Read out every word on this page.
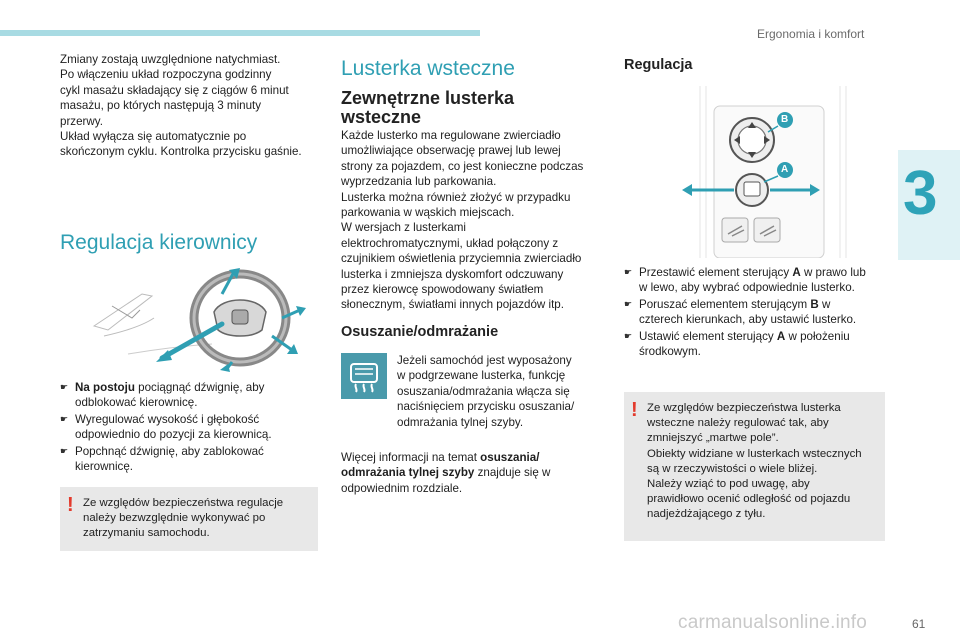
Ergonomia i komfort
3

Zmiany zostają uwzględnione natychmiast.

Po włączeniu układ rozpoczyna godzinny

cykl masażu składający się z ciągów 6 minut

masażu, po których następują 3 minuty

przerwy.

Układ wyłącza się automatycznie po

skończonym cyklu. Kontrolka przycisku gaśnie.

Regulacja kierownicy
☛ Na postoju pociągnąć dźwignię, aby
odblokować kierownicę.
☛ Wyregulować wysokość i głębokość
odpowiednio do pozycji za kierownicą.
☛ Popchnąć dźwignię, aby zablokować
kierownicę.
! Ze względów bezpieczeństwa regulacje
należy bezwzględnie wykonywać po
zatrzymaniu samochodu.
Lusterka wsteczne
Zewnętrzne lusterka
wsteczne

Każde lusterko ma regulowane zwierciadło

umożliwiające obserwację prawej lub lewej

strony za pojazdem, co jest konieczne podczas

wyprzedzania lub parkowania.

Lusterka można również złożyć w przypadku

parkowania w wąskich miejscach.

W wersjach z lusterkami

elektrochromatycznymi, układ połączony z

czujnikiem oświetlenia przyciemnia zwierciadło

lusterka i zmniejsza dyskomfort odczuwany

przez kierowcę spowodowany światłem

słonecznym, światłami innych pojazdów itp.

Osuszanie/odmrażanie

Jeżeli samochód jest wyposażony

w podgrzewane lusterka, funkcję

osuszania/odmrażania włącza się

naciśnięciem przycisku osuszania/

odmrażania tylnej szyby.

Więcej informacji na temat osuszania/

odmrażania tylnej szyby znajduje się w

odpowiednim rozdziale.

Regulacja
B
A
☛ Przestawić element sterujący A w prawo lub
w lewo, aby wybrać odpowiednie lusterko.
☛ Poruszać elementem sterującym B w
czterech kierunkach, aby ustawić lusterko.
☛ Ustawić element sterujący A w położeniu
środkowym.
! Ze względów bezpieczeństwa lusterka
wsteczne należy regulować tak, aby
zmniejszyć „martwe pole”.
Obiekty widziane w lusterkach wstecznych
są w rzeczywistości o wiele bliżej.
Należy wziąć to pod uwagę, aby
prawidłowo ocenić odległość od pojazdu
nadjeżdżającego z tyłu.
carmanualsonline.info	61
